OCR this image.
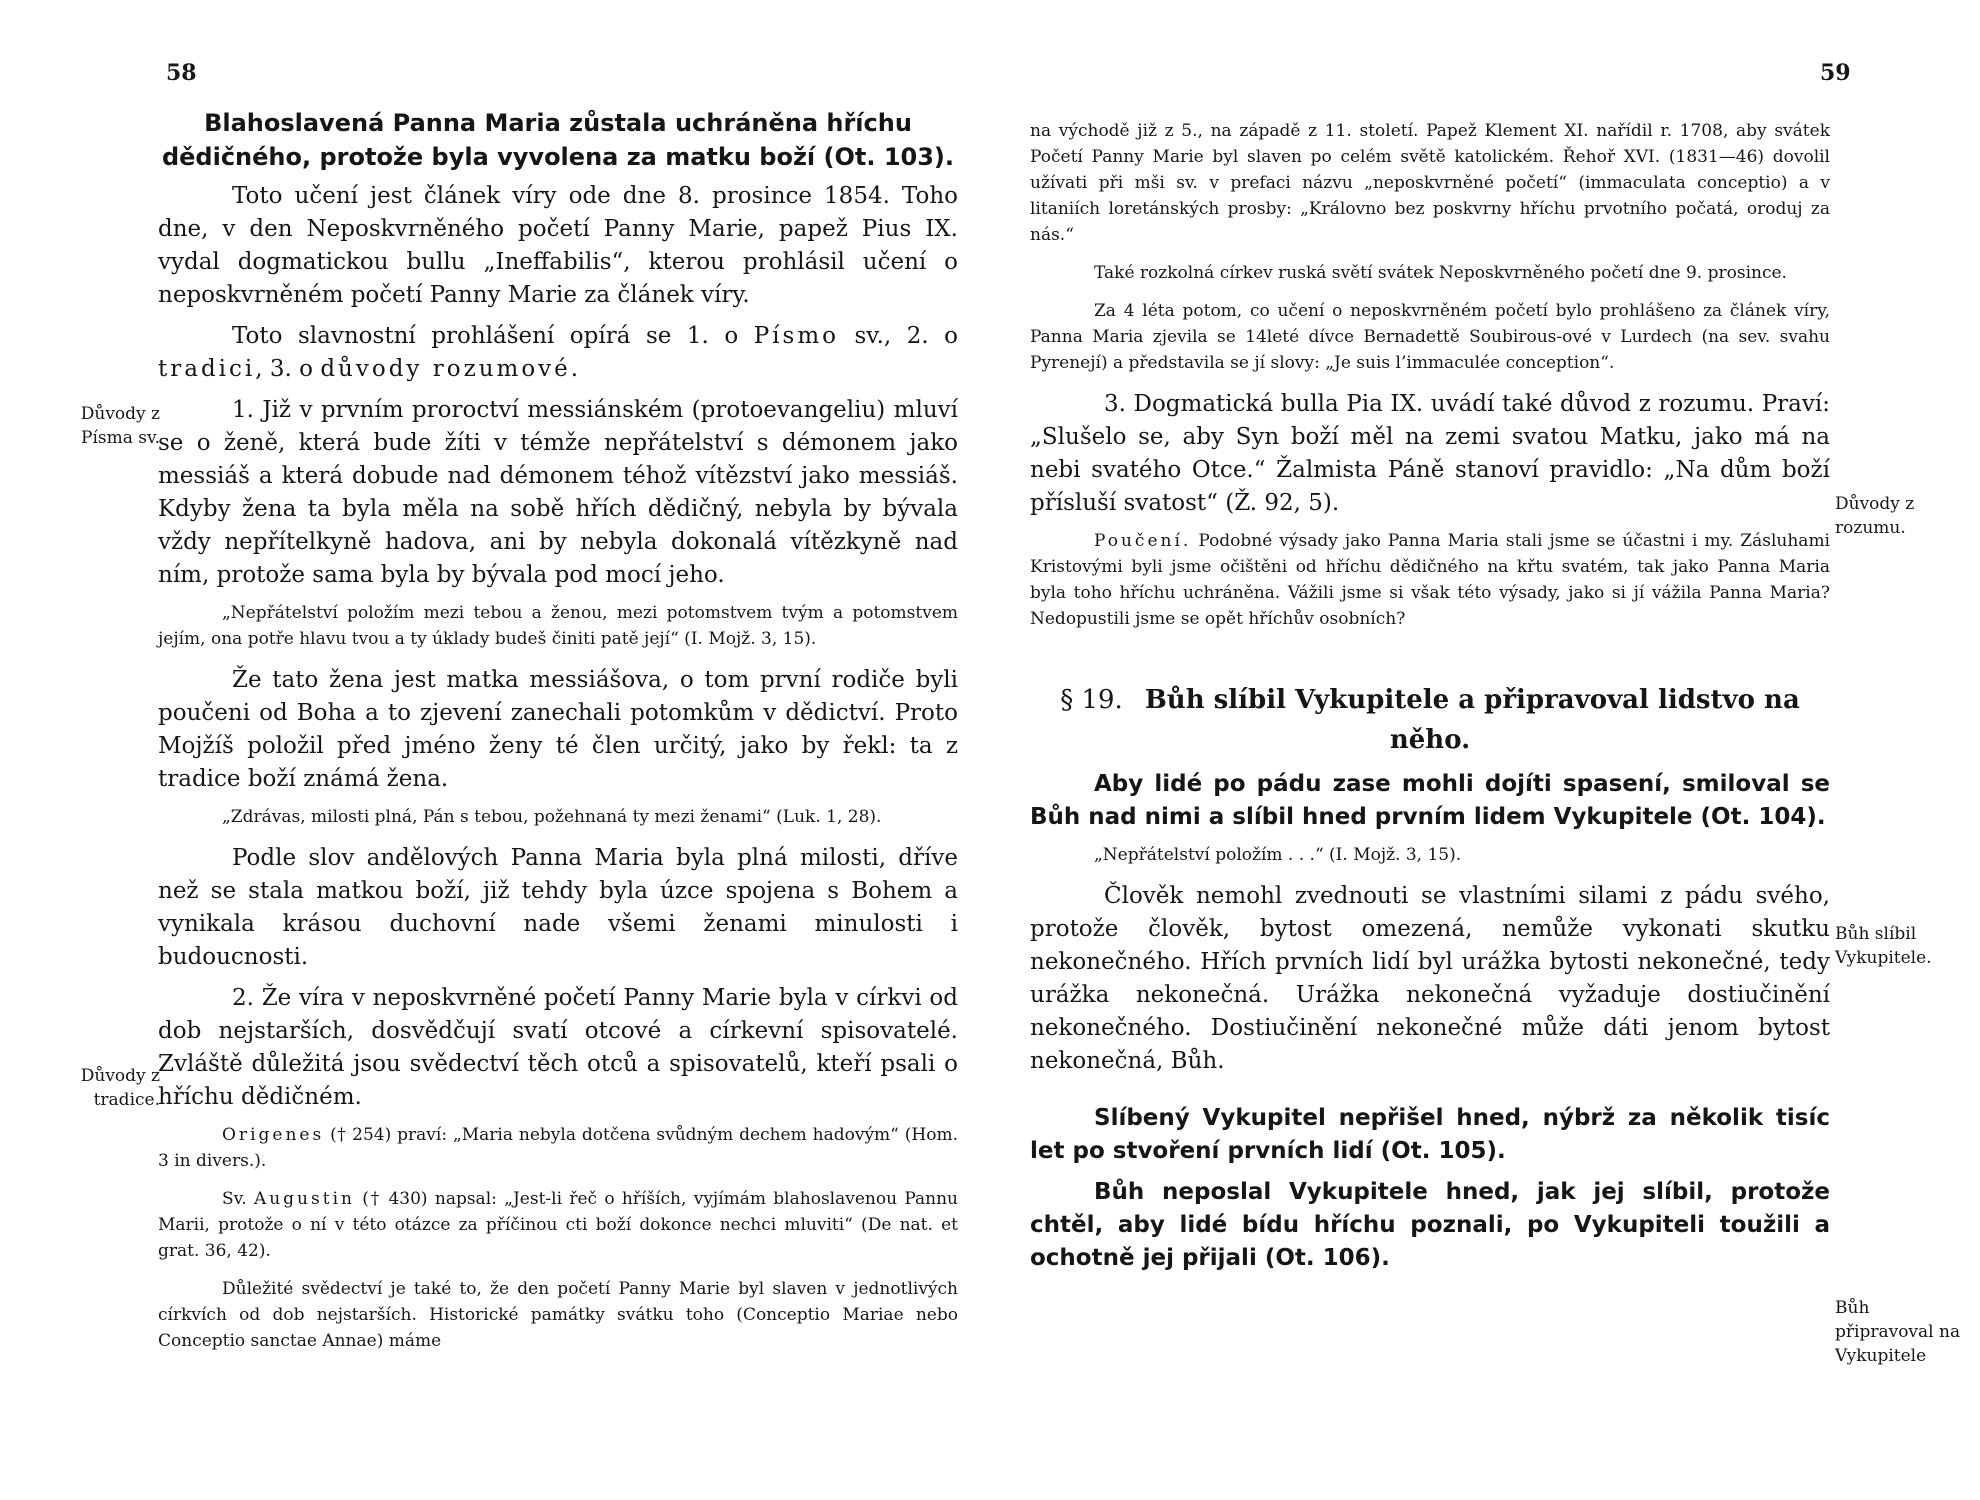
58
Důvody z Písma sv.
Důvody z tradice.

Blahoslavená Panna Maria zůstala uchráněna hříchu dědičného, protože byla vyvolena za matku boží (Ot. 103).

Toto učení jest článek víry ode dne 8. prosince 1854. Toho dne, v den Neposkvrněného početí Panny Marie, papež Pius IX. vydal dogmatickou bullu „Ineffabilis“, kterou prohlásil učení o neposkvrněném početí Panny Marie za článek víry.

Toto slavnostní prohlášení opírá se 1. o Písmo sv., 2. o tradici, 3. o důvody rozumové.

1. Již v prvním proroctví messiánském (protoevangeliu) mluví se o ženě, která bude žíti v témže nepřátelství s démonem jako messiáš a která dobude nad démonem téhož vítězství jako messiáš. Kdyby žena ta byla měla na sobě hřích dědičný, nebyla by bývala vždy nepřítelkyně hadova, ani by nebyla dokonalá vítězkyně nad ním, protože sama byla by bývala pod mocí jeho.

„Nepřátelství položím mezi tebou a ženou, mezi potomstvem tvým a potomstvem jejím, ona potře hlavu tvou a ty úklady budeš činiti patě její“ (I. Mojž. 3, 15).

Že tato žena jest matka messiášova, o tom první rodiče byli poučeni od Boha a to zjevení zanechali potomkům v dědictví. Proto Mojžíš položil před jméno ženy té člen určitý, jako by řekl: ta z tradice boží známá žena.

„Zdrávas, milosti plná, Pán s tebou, požehnaná ty mezi ženami“ (Luk. 1, 28).

Podle slov andělových Panna Maria byla plná milosti, dříve než se stala matkou boží, již tehdy byla úzce spojena s Bohem a vynikala krásou duchovní nade všemi ženami minulosti i budoucnosti.

2. Že víra v neposkvrněné početí Panny Marie byla v církvi od dob nejstarších, dosvědčují svatí otcové a církevní spisovatelé. Zvláště důležitá jsou svědectví těch otců a spisovatelů, kteří psali o hříchu dědičném.

Origenes († 254) praví: „Maria nebyla dotčena svůdným dechem hadovým“ (Hom. 3 in divers.).

Sv. Augustin († 430) napsal: „Jest-li řeč o hříších, vyjímám blahoslavenou Pannu Marii, protože o ní v této otázce za příčinou cti boží dokonce nechci mluviti“ (De nat. et grat. 36, 42).

Důležité svědectví je také to, že den početí Panny Marie byl slaven v jednotlivých církvích od dob nejstarších. Historické památky svátku toho (Conceptio Mariae nebo Conceptio sanctae Annae) máme

59
Důvody z rozumu.
Bůh slíbil Vykupitele.
Bůh připravoval na Vykupitele

na východě již z 5., na západě z 11. století. Papež Klement XI. nařídil r. 1708, aby svátek Početí Panny Marie byl slaven po celém světě katolickém. Řehoř XVI. (1831—46) dovolil užívati při mši sv. v prefaci názvu „neposkvrněné početí“ (immaculata conceptio) a v litaniích loretánských prosby: „Královno bez poskvrny hříchu prvotního počatá, oroduj za nás.“

Také rozkolná církev ruská světí svátek Neposkvrněného početí dne 9. prosince.

Za 4 léta potom, co učení o neposkvrněném početí bylo prohlášeno za článek víry, Panna Maria zjevila se 14leté dívce Bernadettě Soubirous-ové v Lurdech (na sev. svahu Pyrenejí) a představila se jí slovy: „Je suis l’immaculée conception“.

3. Dogmatická bulla Pia IX. uvádí také důvod z rozumu. Praví: „Slušelo se, aby Syn boží měl na zemi svatou Matku, jako má na nebi svatého Otce.“ Žalmista Páně stanoví pravidlo: „Na dům boží přísluší svatost“ (Ž. 92, 5).

Poučení. Podobné výsady jako Panna Maria stali jsme se účastni i my. Zásluhami Kristovými byli jsme očištěni od hříchu dědičného na křtu svatém, tak jako Panna Maria byla toho hříchu uchráněna. Vážili jsme si však této výsady, jako si jí vážila Panna Maria? Nedopustili jsme se opět hříchův osobních?

§ 19. Bůh slíbil Vykupitele a připravoval lidstvo na něho.

Aby lidé po pádu zase mohli dojíti spasení, smiloval se Bůh nad nimi a slíbil hned prvním lidem Vykupitele (Ot. 104).

„Nepřátelství položím . . .“ (I. Mojž. 3, 15).

Člověk nemohl zvednouti se vlastními silami z pádu svého, protože člověk, bytost omezená, nemůže vykonati skutku nekonečného. Hřích prvních lidí byl urážka bytosti nekonečné, tedy urážka nekonečná. Urážka nekonečná vyžaduje dostiučinění nekonečného. Dostiučinění nekonečné může dáti jenom bytost nekonečná, Bůh.

Slíbený Vykupitel nepřišel hned, nýbrž za několik tisíc let po stvoření prvních lidí (Ot. 105).

Bůh neposlal Vykupitele hned, jak jej slíbil, protože chtěl, aby lidé bídu hříchu poznali, po Vykupiteli toužili a ochotně jej přijali (Ot. 106).
